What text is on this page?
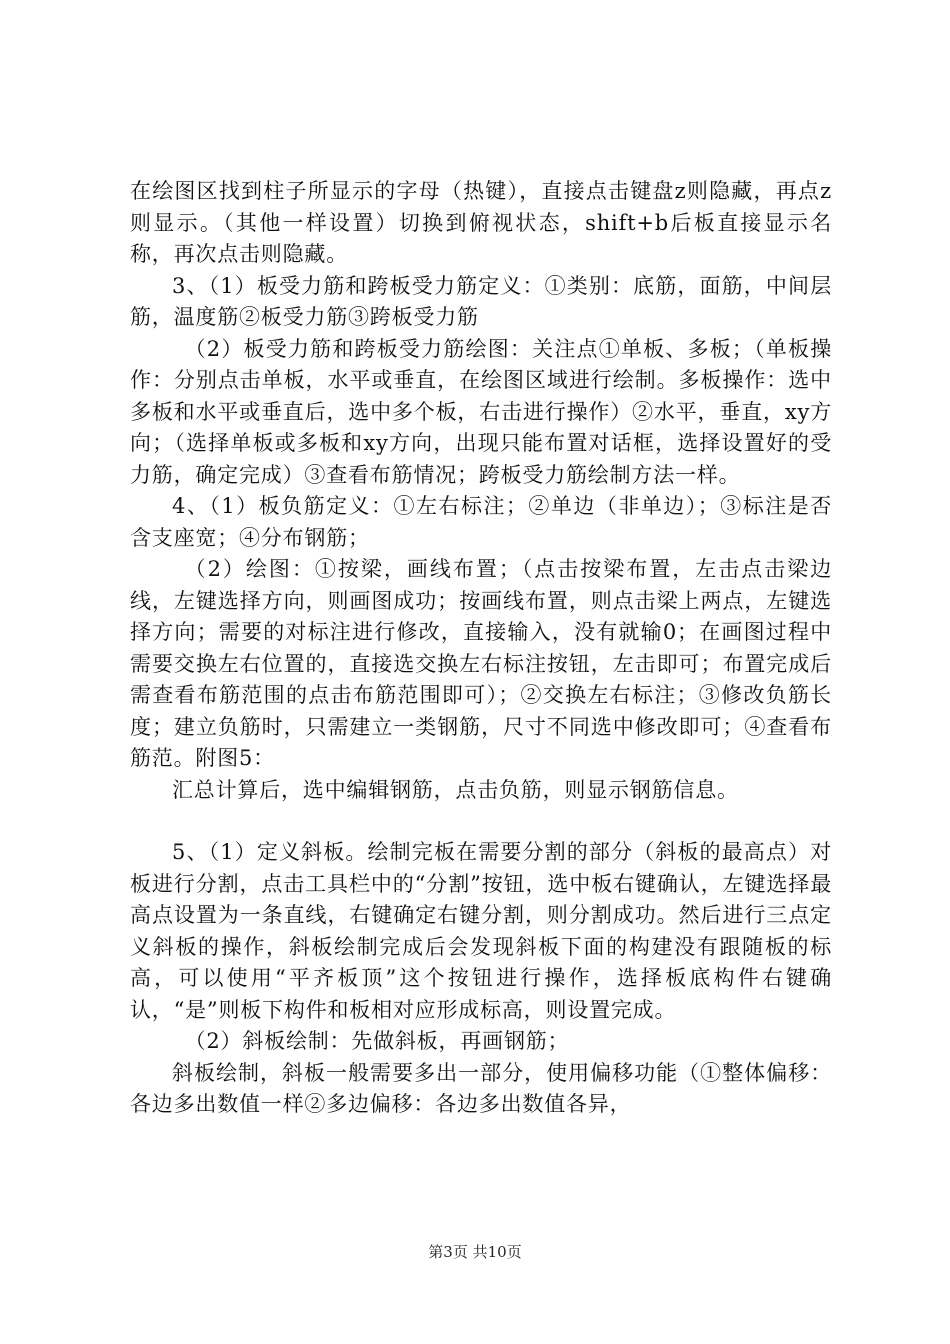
在绘图区找到柱子所显示的字母（热键），直接点击键盘z则隐藏，再点z则显示。（其他一样设置）切换到俯视状态，shift+b后板直接显示名称，再次点击则隐藏。

3、（1）板受力筋和跨板受力筋定义：①类别：底筋，面筋，中间层筋，温度筋②板受力筋③跨板受力筋

（2）板受力筋和跨板受力筋绘图：关注点①单板、多板；（单板操作：分别点击单板，水平或垂直，在绘图区域进行绘制。多板操作：选中多板和水平或垂直后，选中多个板，右击进行操作）②水平，垂直，xy方向；（选择单板或多板和xy方向，出现只能布置对话框，选择设置好的受力筋，确定完成）③查看布筋情况；跨板受力筋绘制方法一样。

4、（1）板负筋定义：①左右标注；②单边（非单边）；③标注是否含支座宽；④分布钢筋；

（2）绘图：①按梁，画线布置；（点击按梁布置，左击点击梁边线，左键选择方向，则画图成功；按画线布置，则点击梁上两点，左键选择方向；需要的对标注进行修改，直接输入，没有就输0；在画图过程中需要交换左右位置的，直接选交换左右标注按钮，左击即可；布置完成后需查看布筋范围的点击布筋范围即可）；②交换左右标注；③修改负筋长度；建立负筋时，只需建立一类钢筋，尺寸不同选中修改即可；④查看布筋范。附图5：

汇总计算后，选中编辑钢筋，点击负筋，则显示钢筋信息。

5、（1）定义斜板。绘制完板在需要分割的部分（斜板的最高点）对板进行分割，点击工具栏中的“分割”按钮，选中板右键确认，左键选择最高点设置为一条直线，右键确定右键分割，则分割成功。然后进行三点定义斜板的操作，斜板绘制完成后会发现斜板下面的构建没有跟随板的标高，可以使用“平齐板顶”这个按钮进行操作，选择板底构件右键确认，“是”则板下构件和板相对应形成标高，则设置完成。

（2）斜板绘制：先做斜板，再画钢筋；

斜板绘制，斜板一般需要多出一部分，使用偏移功能（①整体偏移：各边多出数值一样②多边偏移：各边多出数值各异，

第3页 共10页
